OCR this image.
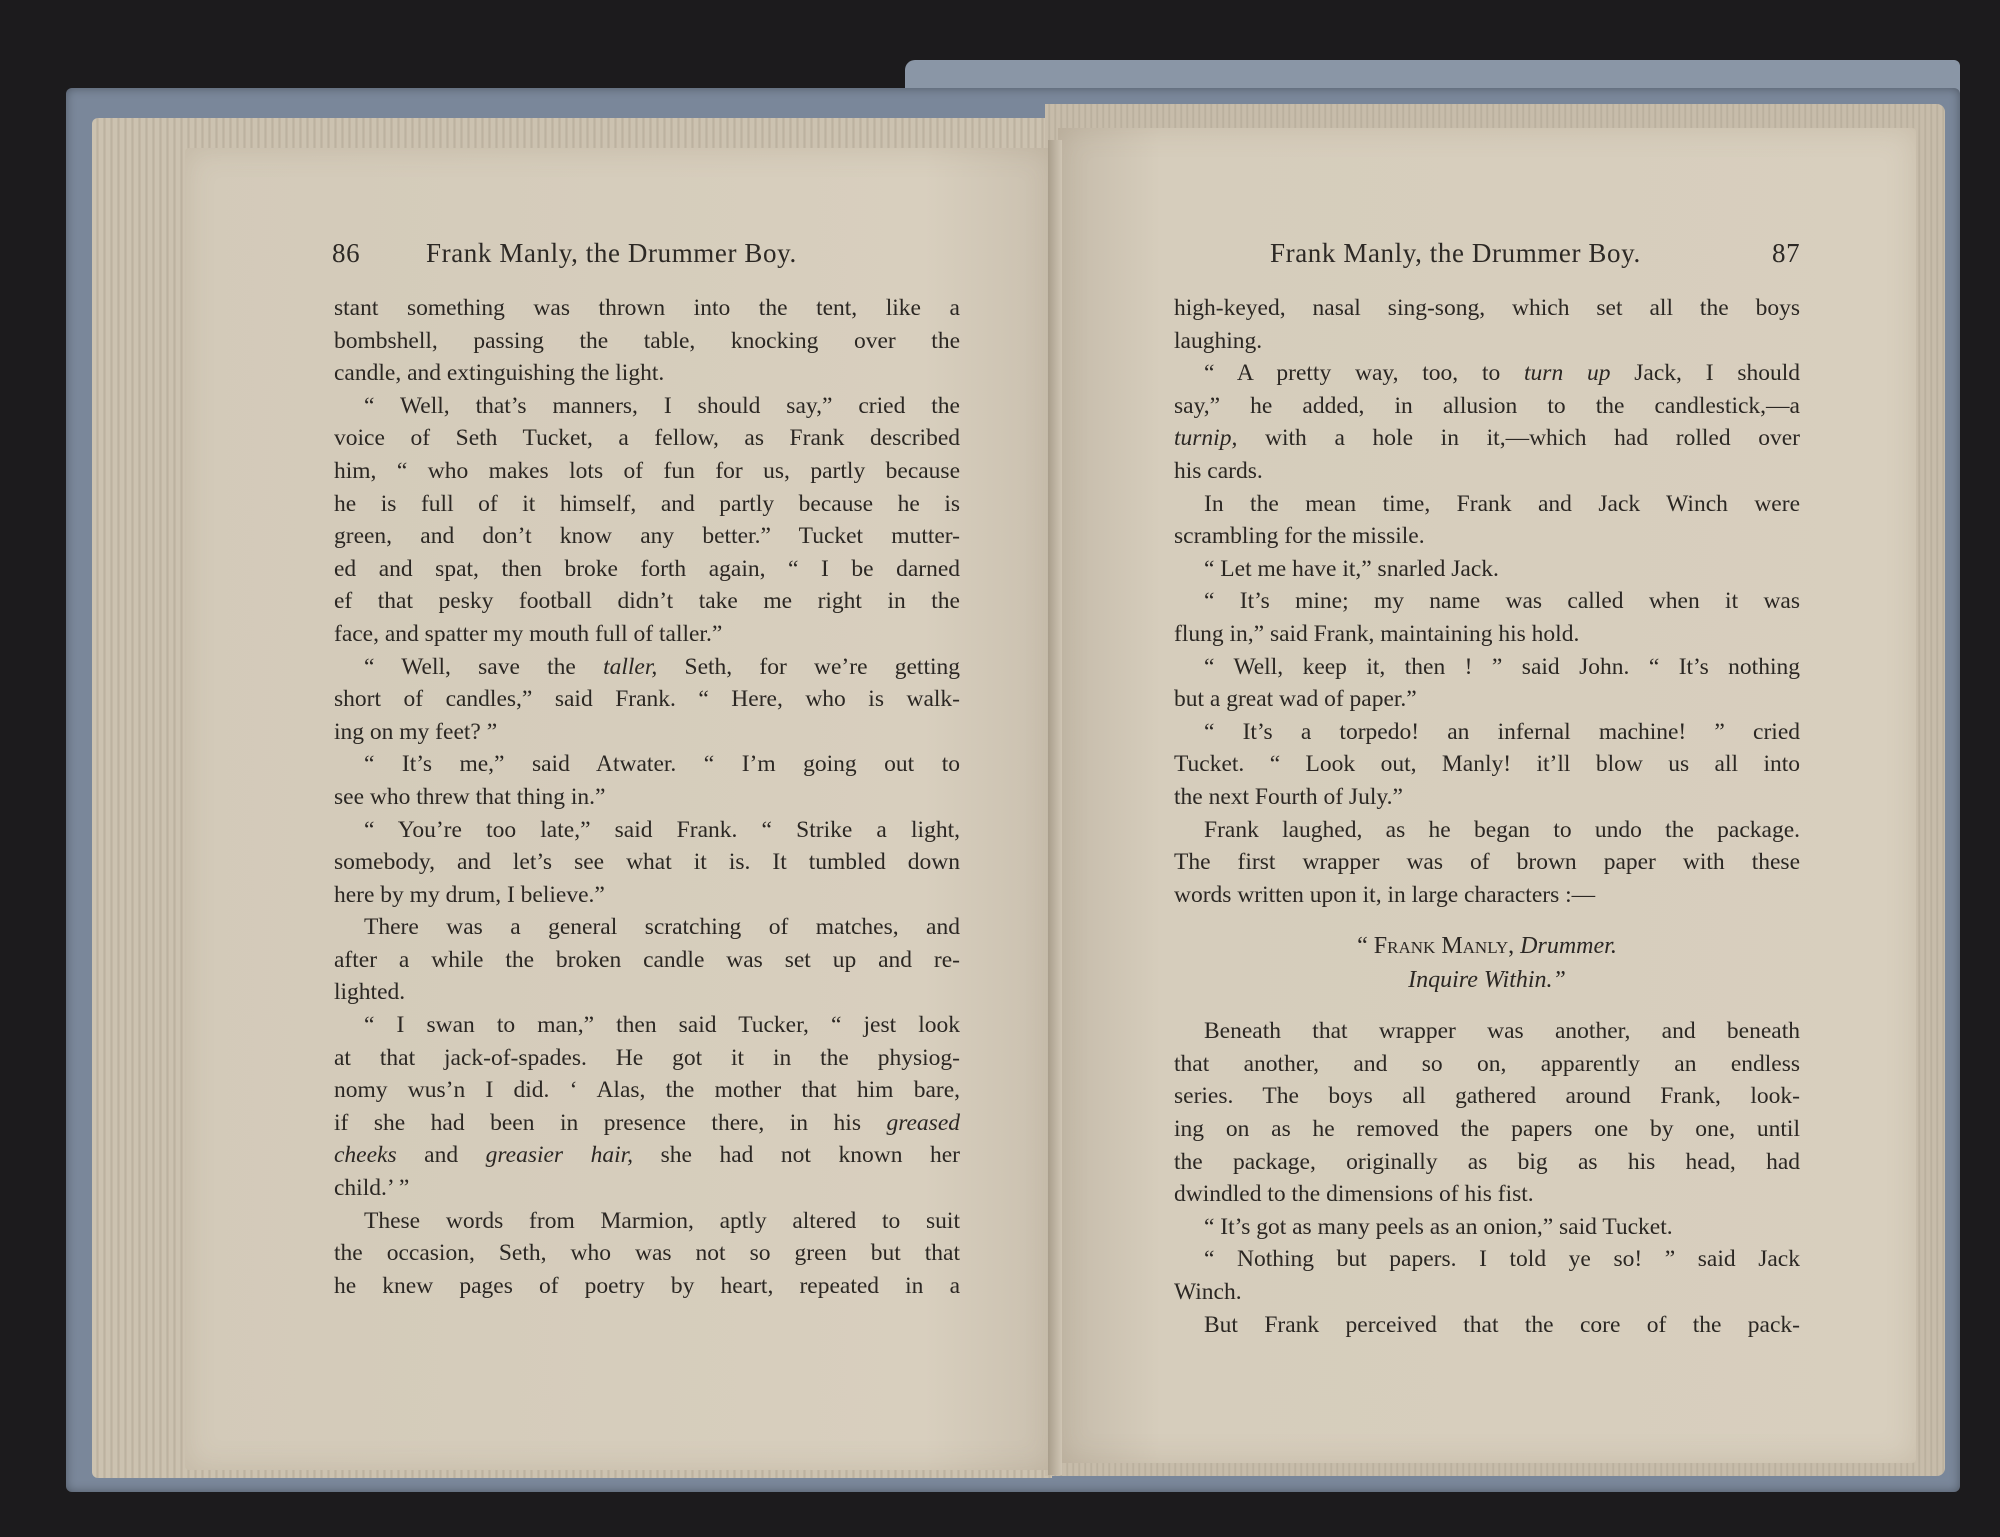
86 Frank Manly, the Drummer Boy.	Frank Manly, the Drummer Boy.	87
stant something was thrown into the tent, like a
bombshell, passing the table, knocking over the
candle, and extinguishing the light.
“ Well, that’s manners, I should say,” cried the
voice of Seth Tucket, a fellow, as Frank described
him, “ who makes lots of fun for us, partly because
he is full of it himself, and partly because he is
green, and don’t know any better.” Tucket mutter-
ed and spat, then broke forth again, “ I be darned
ef that pesky football didn’t take me right in the
face, and spatter my mouth full of taller.”
“ Well, save the taller, Seth, for we’re getting
short of candles,” said Frank. “ Here, who is walk-
ing on my feet? ”
“ It’s me,” said Atwater. “ I’m going out to
see who threw that thing in.”
“ You’re too late,” said Frank. “ Strike a light,
somebody, and let’s see what it is. It tumbled down
here by my drum, I believe.”
There was a general scratching of matches, and
after a while the broken candle was set up and re-
lighted.
“ I swan to man,” then said Tucker, “ jest look
at that jack-of-spades. He got it in the physiog-
nomy wus’n I did. ‘ Alas, the mother that him bare,
if she had been in presence there, in his greased
cheeks and greasier hair, she had not known her
child.’ ”
These words from Marmion, aptly altered to suit
the occasion, Seth, who was not so green but that
he knew pages of poetry by heart, repeated in a
high-keyed, nasal sing-song, which set all the boys
laughing.
“ A pretty way, too, to turn up Jack, I should
say,” he added, in allusion to the candlestick,—a
turnip, with a hole in it,—which had rolled over
his cards.
In the mean time, Frank and Jack Winch were
scrambling for the missile.
“ Let me have it,” snarled Jack.
“ It’s mine; my name was called when it was
flung in,” said Frank, maintaining his hold.
“ Well, keep it, then ! ” said John. “ It’s nothing
but a great wad of paper.”
“ It’s a torpedo! an infernal machine! ” cried
Tucket. “ Look out, Manly! it’ll blow us all into
the next Fourth of July.”
Frank laughed, as he began to undo the package.
The first wrapper was of brown paper with these
words written upon it, in large characters :—
“ Frank Manly, Drummer.
Inquire Within.”
Beneath that wrapper was another, and beneath
that another, and so on, apparently an endless
series. The boys all gathered around Frank, look-
ing on as he removed the papers one by one, until
the package, originally as big as his head, had
dwindled to the dimensions of his fist.
“ It’s got as many peels as an onion,” said Tucket.
“ Nothing but papers. I told ye so! ” said Jack
Winch.
But Frank perceived that the core of the pack-
